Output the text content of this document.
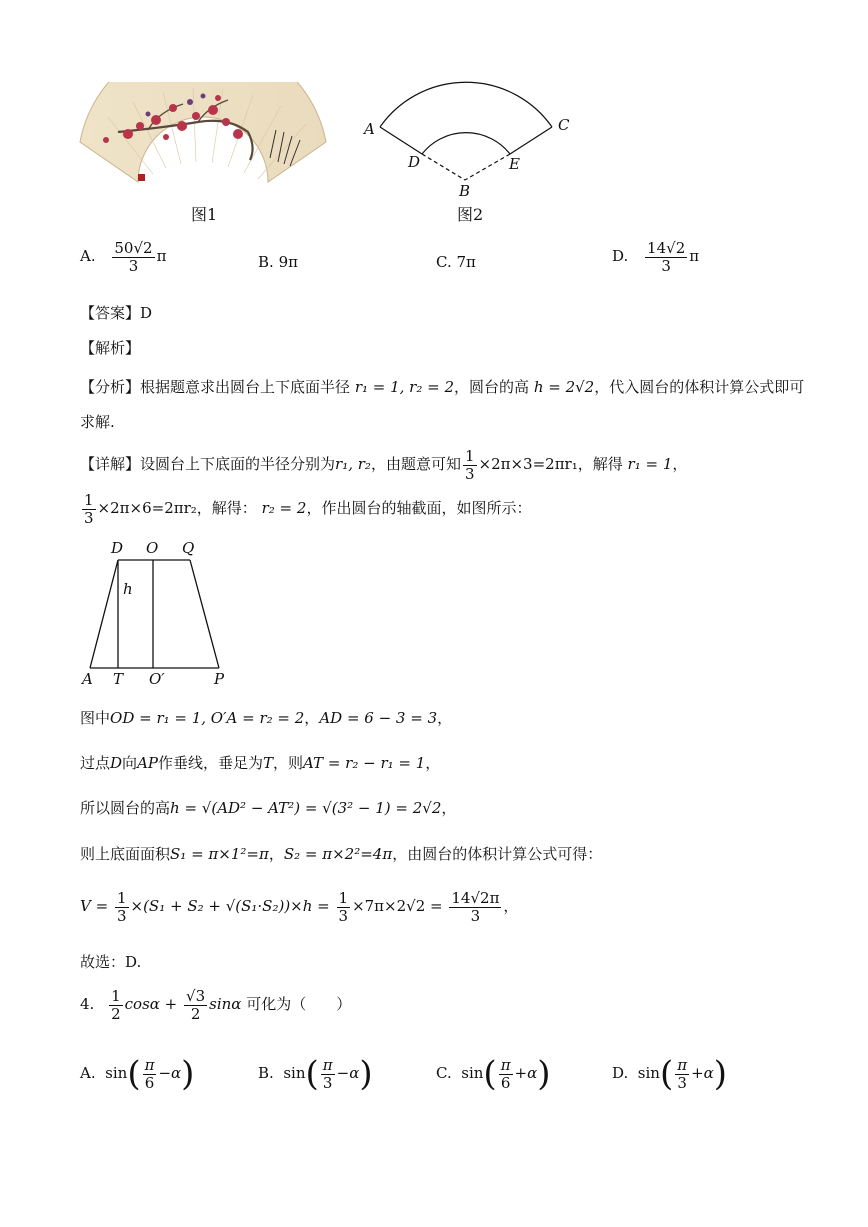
图1
A	C
D	E
B
图2
A. $\frac{50√2}{3}$ π	B. 9π	C. 7π	D. $\frac{14√2}{3}$ π
【答案】D
【解析】
【分析】根据题意求出圆台上下底面半径 r₁ = 1, r₂ = 2，圆台的高 h = 2√2，代入圆台的体积计算公式即可
求解.
【详解】设圆台上下底面的半径分别为r₁, r₂，由题意可知 $\frac{1}{3} \times 2\pi\times 3=2\pi r_1$，解得 r₁ = 1，
$\frac{1}{3} \times 2\pi\times 6=2\pi r_2$，解得： r₂ = 2，作出圆台的轴截面，如图所示：
D O Q
h
A T O′	P
图中OD = r₁ = 1, O′A = r₂ = 2，AD = 6 − 3 = 3，
过点D向AP作垂线，垂足为T，则AT = r₂ − r₁ = 1，
所以圆台的高h = √(AD² − AT²) = √(3² − 1) = 2√2，
则上底面面积S₁ = π×1²=π，S₂ = π×2²=4π，由圆台的体积计算公式可得：
$V = \frac{1}{3} \times(S_1 + S_2 + √(S_1\cdot S_2))\times h = \frac{1}{3} \times 7\pi\times 2√2 = \frac{14√2\pi}{3}$ ，
故选：D.
4. $\frac{1}{2}$ $\cos\alpha + \frac{√3}{2}$ sinα 可化为（　　）
A.  $\sin( \frac{\pi}{6} -\alpha)$	B.  $\sin( \frac{\pi}{3} -\alpha)$	C.  $\sin( \frac{\pi}{6} +\alpha)$	D.  $\sin( \frac{\pi}{3} +\alpha)$
